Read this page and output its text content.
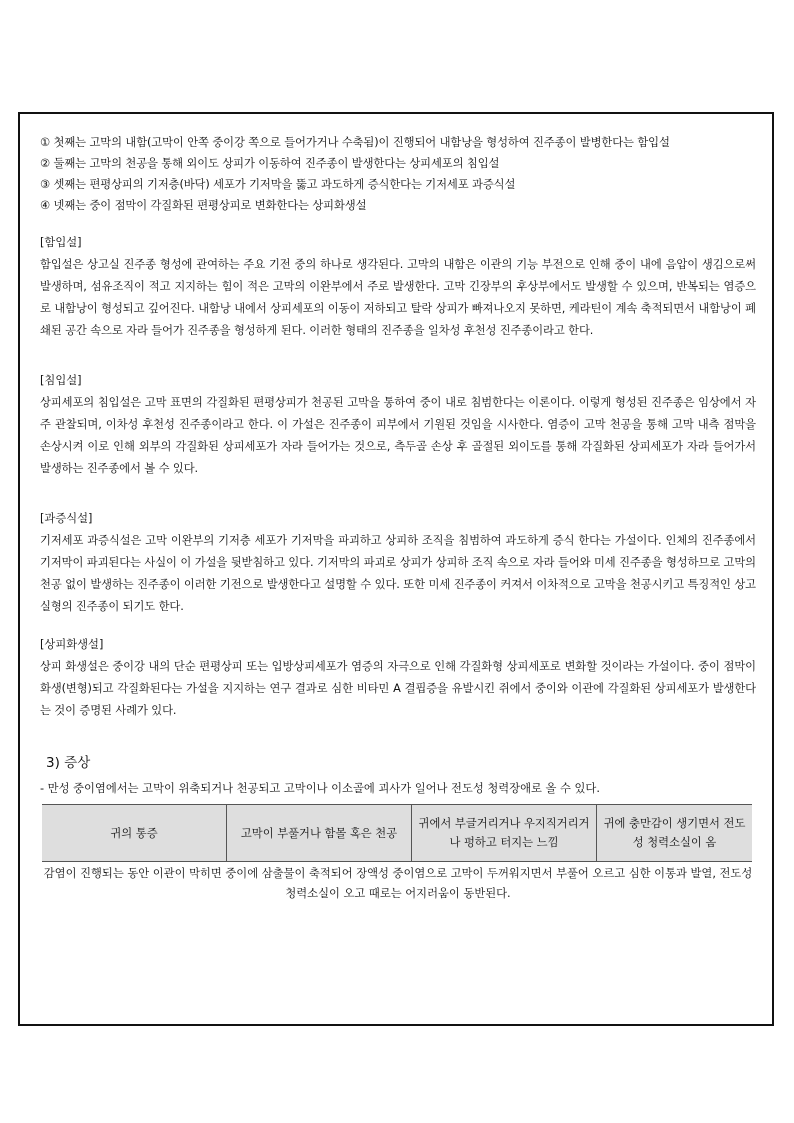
① 첫째는 고막의 내함(고막이 안쪽 중이강 쪽으로 들어가거나 수축됨)이 진행되어 내함낭을 형성하여 진주종이 발병한다는 함입설

② 둘째는 고막의 천공을 통해 외이도 상피가 이동하여 진주종이 발생한다는 상피세포의 침입설

③ 셋째는 편평상피의 기저층(바닥) 세포가 기저막을 뚫고 과도하게 증식한다는 기저세포 과증식설

④ 넷째는 중이 점막이 각질화된 편평상피로 변화한다는 상피화생설

[함입설]

함입설은 상고실 진주종 형성에 관여하는 주요 기전 중의 하나로 생각된다. 고막의 내함은 이관의 기능 부전으로 인해 중이 내에 음압이 생김으로써 발생하며, 섬유조직이 적고 지지하는 힘이 적은 고막의 이완부에서 주로 발생한다. 고막 긴장부의 후상부에서도 발생할 수 있으며, 반복되는 염증으로 내함낭이 형성되고 깊어진다. 내함낭 내에서 상피세포의 이동이 저하되고 탈락 상피가 빠져나오지 못하면, 케라틴이 계속 축적되면서 내함낭이 폐쇄된 공간 속으로 자라 들어가 진주종을 형성하게 된다. 이러한 형태의 진주종을 일차성 후천성 진주종이라고 한다.

[침입설]

상피세포의 침입설은 고막 표면의 각질화된 편평상피가 천공된 고막을 통하여 중이 내로 침범한다는 이론이다. 이렇게 형성된 진주종은 임상에서 자주 관찰되며, 이차성 후천성 진주종이라고 한다. 이 가설은 진주종이 피부에서 기원된 것임을 시사한다. 염증이 고막 천공을 통해 고막 내측 점막을 손상시켜 이로 인해 외부의 각질화된 상피세포가 자라 들어가는 것으로, 측두골 손상 후 골절된 외이도를 통해 각질화된 상피세포가 자라 들어가서 발생하는 진주종에서 볼 수 있다.

[과증식설]

기저세포 과증식설은 고막 이완부의 기저층 세포가 기저막을 파괴하고 상피하 조직을 침범하여 과도하게 증식 한다는 가설이다. 인체의 진주종에서 기저막이 파괴된다는 사실이 이 가설을 뒷받침하고 있다. 기저막의 파괴로 상피가 상피하 조직 속으로 자라 들어와 미세 진주종을 형성하므로 고막의 천공 없이 발생하는 진주종이 이러한 기전으로 발생한다고 설명할 수 있다. 또한 미세 진주종이 커져서 이차적으로 고막을 천공시키고 특징적인 상고실형의 진주종이 되기도 한다.

[상피화생설]

상피 화생설은 중이강 내의 단순 편평상피 또는 입방상피세포가 염증의 자극으로 인해 각질화형 상피세포로 변화할 것이라는 가설이다. 중이 점막이 화생(변형)되고 각질화된다는 가설을 지지하는 연구 결과로 심한 비타민 A 결핍증을 유발시킨 쥐에서 중이와 이관에 각질화된 상피세포가 발생한다는 것이 증명된 사례가 있다.

3) 증상

- 만성 중이염에서는 고막이 위축되거나 천공되고 고막이나 이소골에 괴사가 일어나 전도성 청력장애로 올 수 있다.

귀의 통증	고막이 부풀거나 함몰 혹은 천공	귀에서 부글거리거나 우지직거리거나 펑하고 터지는 느낌	귀에 충만감이 생기면서 전도성 청력소실이 옴

감염이 진행되는 동안 이관이 막히면 중이에 삼출물이 축적되어 장액성 중이염으로 고막이 두꺼워지면서 부풀어 오르고 심한 이통과 발열, 전도성 청력소실이 오고 때로는 어지러움이 동반된다.
